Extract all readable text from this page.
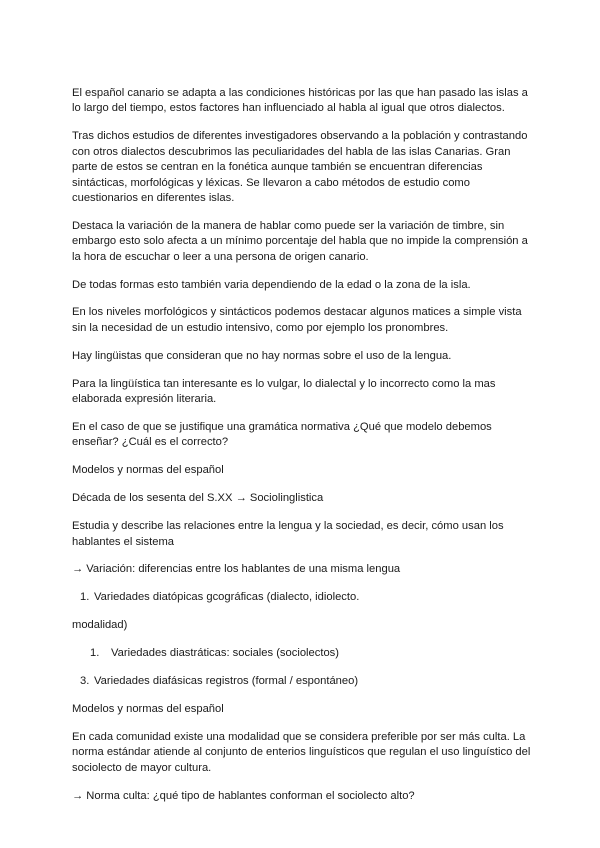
El español canario se adapta a las condiciones históricas por las que han pasado las islas a lo largo del tiempo, estos factores han influenciado al habla al igual que otros dialectos.

Tras dichos estudios de diferentes investigadores observando a la población y contrastando con otros dialectos descubrimos las peculiaridades del habla de las islas Canarias. Gran parte de estos se centran en la fonética aunque también se encuentran diferencias sintácticas, morfológicas y léxicas. Se llevaron a cabo métodos de estudio como cuestionarios en diferentes islas.

Destaca la variación de la manera de hablar como puede ser la variación de timbre, sin embargo esto solo afecta a un mínimo porcentaje del habla que no impide la comprensión a la hora de escuchar o leer a una persona de origen canario.

De todas formas esto también varia dependiendo de la edad o la zona de la isla.

En los niveles morfológicos y sintácticos podemos destacar algunos matices a simple vista sin la necesidad de un estudio intensivo, como por ejemplo los pronombres.

Hay lingüistas que consideran que no hay normas sobre el uso de la lengua.

Para la lingüística tan interesante es lo vulgar, lo dialectal y lo incorrecto como la mas elaborada expresión literaria.

En el caso de que se justifique una gramática normativa ¿Qué que modelo debemos enseñar? ¿Cuál es el correcto?

Modelos y normas del español

Década de los sesenta del S.XX → Sociolinglistica

Estudia y describe las relaciones entre la lengua y la sociedad, es decir, cómo usan los hablantes el sistema

→ Variación: diferencias entre los hablantes de una misma lengua

1. Variedades diatópicas gcográficas (dialecto, idiolecto.

modalidad)

1.	Variedades diastráticas: sociales (sociolectos)
3. Variedades diafásicas registros (formal / espontáneo)

Modelos y normas del español

En cada comunidad existe una modalidad que se considera preferible por ser más culta. La norma estándar atiende al conjunto de enterios linguísticos que regulan el uso linguístico del sociolecto de mayor cultura.

→ Norma culta: ¿qué tipo de hablantes conforman el sociolecto alto?
